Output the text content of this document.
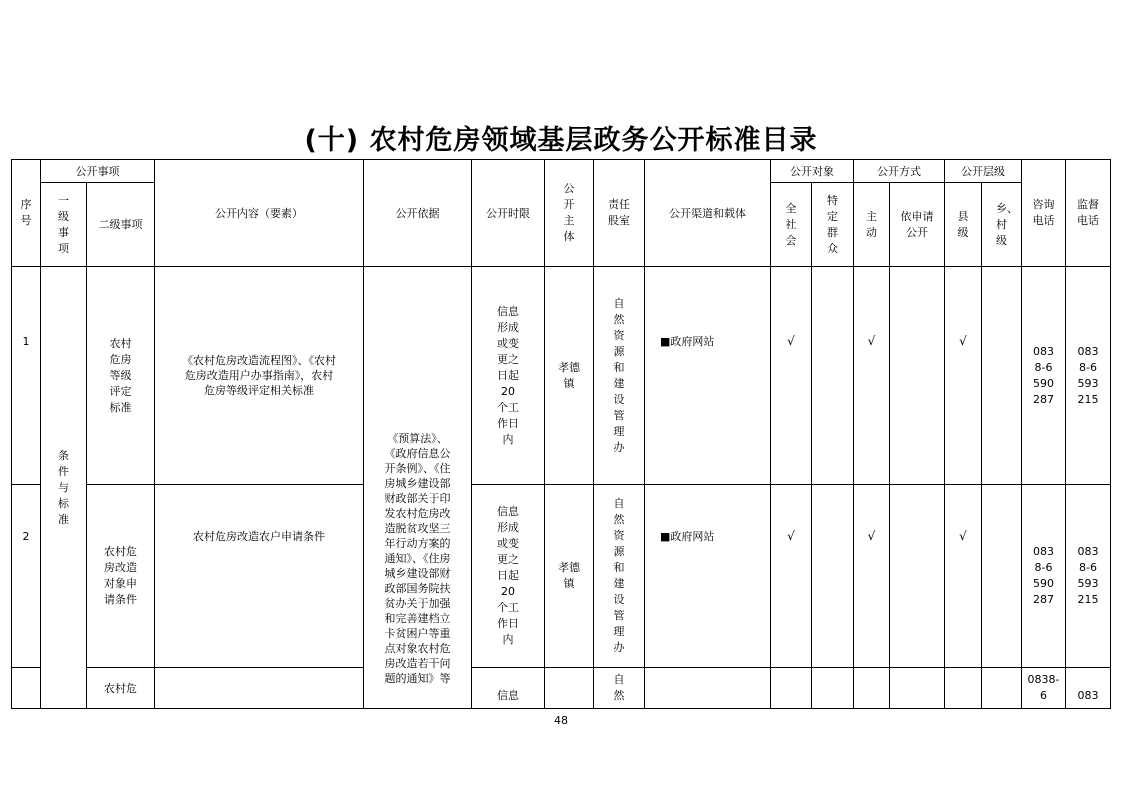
(十) 农村危房领域基层政务公开标准目录
序号	公开事项		公开内容（要素）	公开依据	公开时限	公开主体	责任股室	公开渠道和载体	公开对象		公开方式		公开层级		咨询电话	监督电话
	一级事项	二级事项							全社会	特定群众	主动	依申请公开	县级	乡、村级		
1	条件与标准	农村危房等级评定标准	《农村危房改造流程图》、《农村危房改造用户办事指南》，农村危房等级评定相关标准	《预算法》、《政府信息公开条例》、《住房城乡建设部财政部关于印发农村危房改造脱贫攻坚三年行动方案的通知》、《住房城乡建设部财政部国务院扶贫办关于加强和完善建档立卡贫困户等重点对象农村危房改造若干问题的通知》等	信息形成或变更之日起20个工作日内	孝德镇	自然资源和建设管理办	■政府网站	√		√		√		0838-6590287	0838-6593215
2		农村危房改造对象申请条件	农村危房改造农户申请条件		信息形成或变更之日起20个工作日内	孝德镇	自然资源和建设管理办	■政府网站	√		√		√		0838-6590287	0838-6593215
		农村危			信息		自然								0838-6	083
48
